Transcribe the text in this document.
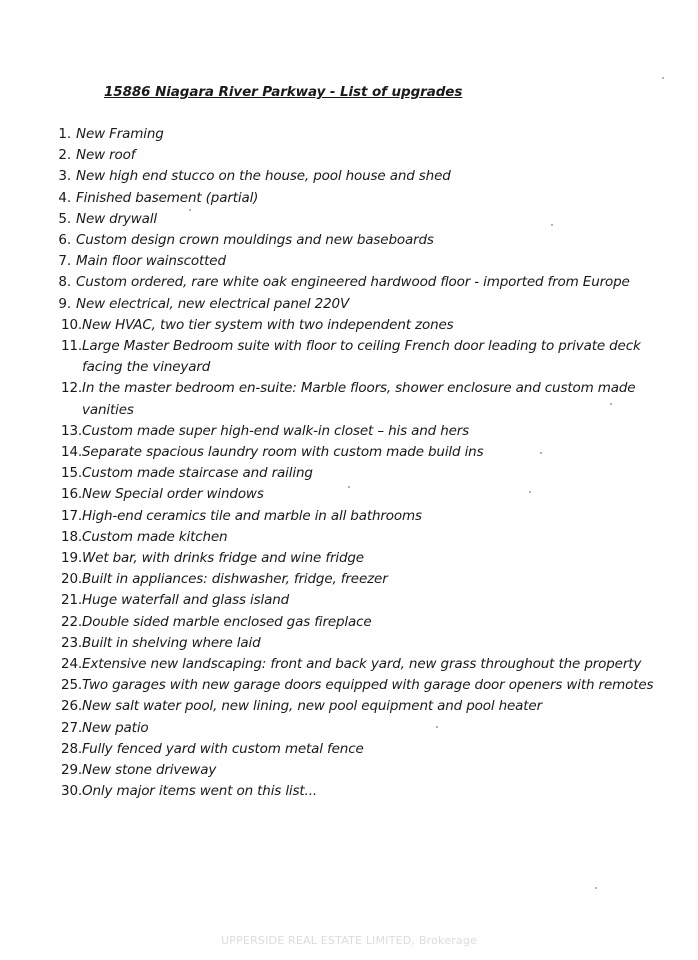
15886 Niagara River Parkway - List of upgrades
1. New Framing
2. New roof
3. New high end stucco on the house, pool house and shed
4. Finished basement (partial)
5. New drywall
6. Custom design crown mouldings and new baseboards
7. Main floor wainscotted
8. Custom ordered, rare white oak engineered hardwood floor - imported from Europe
9. New electrical, new electrical panel 220V
10. New HVAC, two tier system with two independent zones
11. Large Master Bedroom suite with floor to ceiling French door leading to private deck facing the vineyard
12. In the master bedroom en-suite: Marble floors, shower enclosure and custom made vanities
13. Custom made super high-end walk-in closet – his and hers
14. Separate spacious laundry room with custom made build ins
15. Custom made staircase and railing
16. New Special order windows
17. High-end ceramics tile and marble in all bathrooms
18. Custom made kitchen
19. Wet bar, with drinks fridge and wine fridge
20. Built in appliances: dishwasher, fridge, freezer
21. Huge waterfall and glass island
22. Double sided marble enclosed gas fireplace
23. Built in shelving where laid
24. Extensive new landscaping: front and back yard, new grass throughout the property
25. Two garages with new garage doors equipped with garage door openers with remotes
26. New salt water pool, new lining, new pool equipment and pool heater
27. New patio
28. Fully fenced yard with custom metal fence
29. New stone driveway
30. Only major items went on this list...
UPPERSIDE REAL ESTATE LIMITED, Brokerage
